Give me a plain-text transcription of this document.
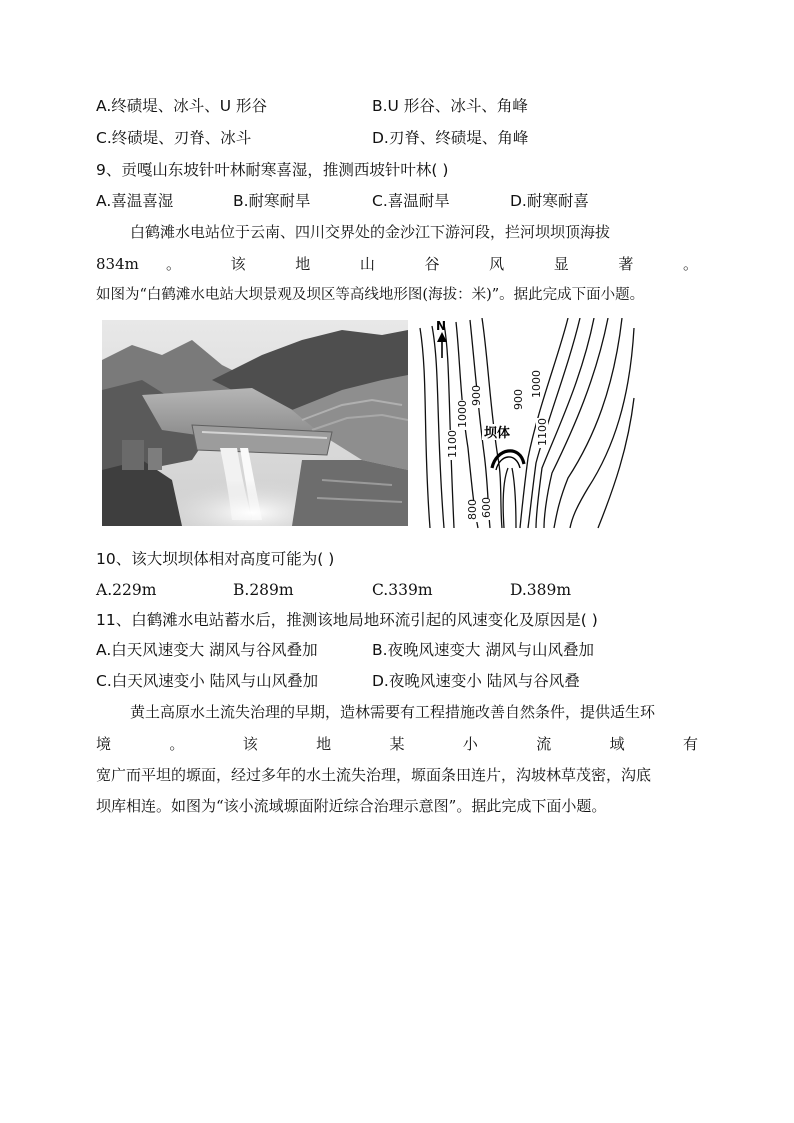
A.终碛堤、冰斗、U 形谷	B.U 形谷、冰斗、角峰
C.终碛堤、刃脊、冰斗	D.刃脊、终碛堤、角峰
9、贡嘎山东坡针叶林耐寒喜湿，推测西坡针叶林( )
A.喜温喜湿	B.耐寒耐旱	C.喜温耐旱	D.耐寒耐喜
白鹤滩水电站位于云南、四川交界处的金沙江下游河段，拦河坝坝顶海拔
834m 。 该 地 山 谷 风 显 著 。
如图为“白鹤滩水电站大坝景观及坝区等高线地形图(海拔：米)”。据此完成下面小题。
N
坝体
1100
1000
900	900
1000
1100
800 600
10、该大坝坝体相对高度可能为( )
A.229m	B.289m	C.339m	D.389m
11、白鹤滩水电站蓄水后，推测该地局地环流引起的风速变化及原因是( )
A.白天风速变大 湖风与谷风叠加	B.夜晚风速变大 湖风与山风叠加
C.白天风速变小 陆风与山风叠加	D.夜晚风速变小 陆风与谷风叠
黄土高原水土流失治理的早期，造林需要有工程措施改善自然条件，提供适生环
境 。 该 地 某 小 流 域 有
宽广而平坦的塬面，经过多年的水土流失治理，塬面条田连片，沟坡林草茂密，沟底
坝库相连。如图为“该小流域塬面附近综合治理示意图”。据此完成下面小题。
